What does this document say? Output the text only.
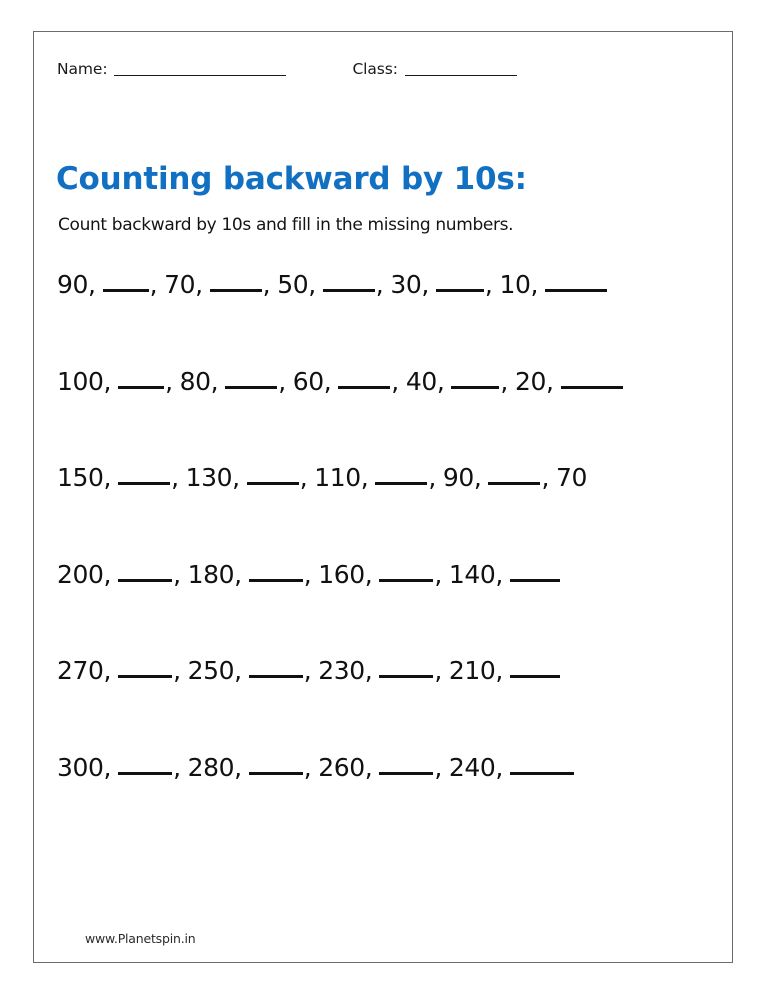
Name:	Class:
Counting backward by 10s:

Count backward by 10s and fill in the missing numbers.

90 , , 70 , , 50 , , 30 , , 10 ,
100 , , 80 , , 60 , , 40 , , 20 ,
150 , , 130 , , 110 , , 90 , , 70
200 , , 180 , , 160 , , 140 ,
270 , , 250 , , 230 , , 210 ,
300 , , 280 , , 260 , , 240 ,
www.Planetspin.in
